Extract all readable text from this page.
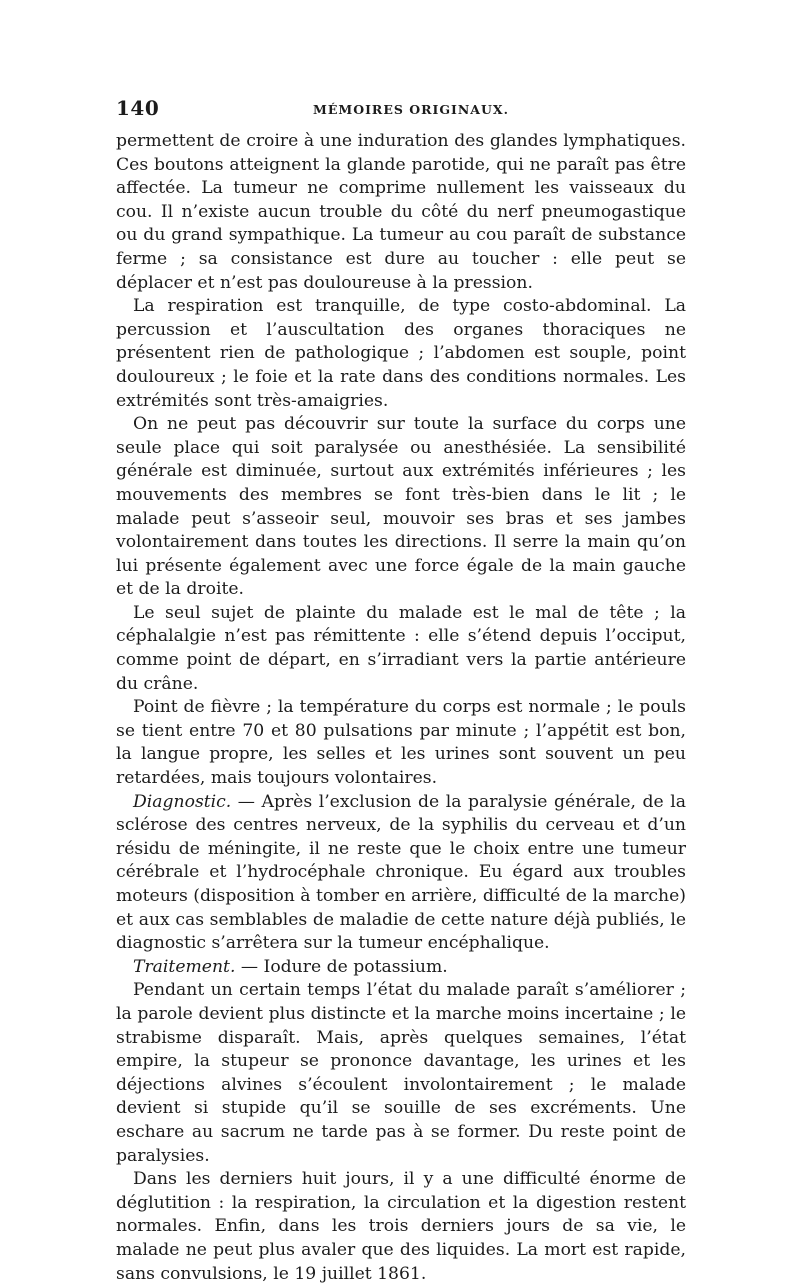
140	MÉMOIRES ORIGINAUX.

permettent de croire à une induration des glandes lymphatiques. Ces boutons atteignent la glande parotide, qui ne paraît pas être affectée. La tumeur ne comprime nullement les vaisseaux du cou. Il n’existe aucun trouble du côté du nerf pneumogastique ou du grand sympathique. La tumeur au cou paraît de substance ferme ; sa consistance est dure au toucher : elle peut se déplacer et n’est pas douloureuse à la pression.

La respiration est tranquille, de type costo-abdominal. La percussion et l’auscultation des organes thoraciques ne présentent rien de pathologique ; l’abdomen est souple, point douloureux ; le foie et la rate dans des conditions normales. Les extrémités sont très-amaigries.

On ne peut pas découvrir sur toute la surface du corps une seule place qui soit paralysée ou anesthésiée. La sensibilité générale est diminuée, surtout aux extrémités inférieures ; les mouvements des membres se font très-bien dans le lit ; le malade peut s’asseoir seul, mouvoir ses bras et ses jambes volontairement dans toutes les directions. Il serre la main qu’on lui présente également avec une force égale de la main gauche et de la droite.

Le seul sujet de plainte du malade est le mal de tête ; la céphalalgie n’est pas rémittente : elle s’étend depuis l’occiput, comme point de départ, en s’irradiant vers la partie antérieure du crâne.

Point de fièvre ; la température du corps est normale ; le pouls se tient entre 70 et 80 pulsations par minute ; l’appétit est bon, la langue propre, les selles et les urines sont souvent un peu retardées, mais toujours volontaires.

Diagnostic. — Après l’exclusion de la paralysie générale, de la sclérose des centres nerveux, de la syphilis du cerveau et d’un résidu de méningite, il ne reste que le choix entre une tumeur cérébrale et l’hydrocéphale chronique. Eu égard aux troubles moteurs (disposition à tomber en arrière, difficulté de la marche) et aux cas semblables de maladie de cette nature déjà publiés, le diagnostic s’arrêtera sur la tumeur encéphalique.

Traitement. — Iodure de potassium.

Pendant un certain temps l’état du malade paraît s’améliorer ; la parole devient plus distincte et la marche moins incertaine ; le strabisme disparaît. Mais, après quelques semaines, l’état empire, la stupeur se prononce davantage, les urines et les déjections alvines s’écoulent involontairement ; le malade devient si stupide qu’il se souille de ses excréments. Une eschare au sacrum ne tarde pas à se former. Du reste point de paralysies.

Dans les derniers huit jours, il y a une difficulté énorme de déglutition : la respiration, la circulation et la digestion restent normales. Enfin, dans les trois derniers jours de sa vie, le malade ne peut plus avaler que des liquides. La mort est rapide, sans convulsions, le 19 juillet 1861.
